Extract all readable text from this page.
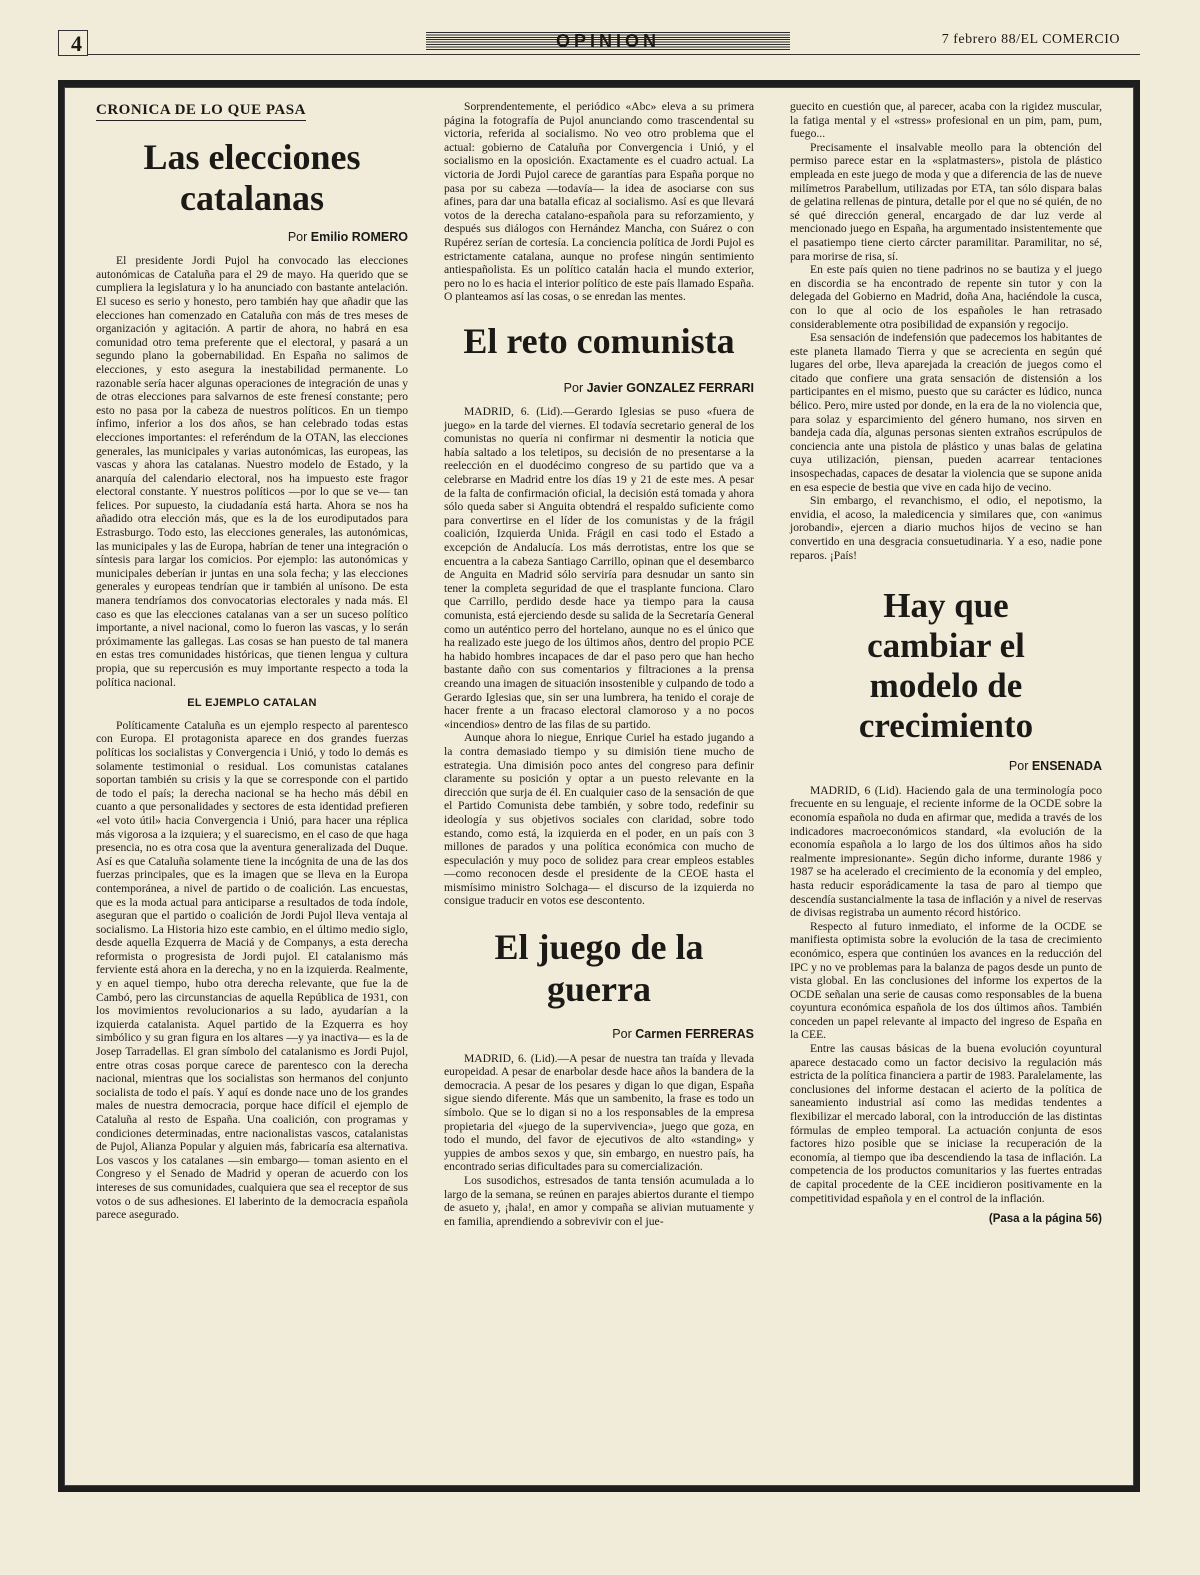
4	OPINION	7 febrero 88/EL COMERCIO
CRONICA DE LO QUE PASA
Las elecciones catalanas
Por Emilio ROMERO

El presidente Jordi Pujol ha convocado las elecciones autonómicas de Cataluña para el 29 de mayo. Ha querido que se cumpliera la legislatura y lo ha anunciado con bastante antelación. El suceso es serio y honesto, pero también hay que añadir que las elecciones han comenzado en Cataluña con más de tres meses de organización y agitación. A partir de ahora, no habrá en esa comunidad otro tema preferente que el electoral, y pasará a un segundo plano la gobernabilidad. En España no salimos de elecciones, y esto asegura la inestabilidad permanente. Lo razonable sería hacer algunas operaciones de integración de unas y de otras elecciones para salvarnos de este frenesí constante; pero esto no pasa por la cabeza de nuestros políticos. En un tiempo ínfimo, inferior a los dos años, se han celebrado todas estas elecciones importantes: el referéndum de la OTAN, las elecciones generales, las municipales y varias autonómicas, las europeas, las vascas y ahora las catalanas. Nuestro modelo de Estado, y la anarquía del calendario electoral, nos ha impuesto este fragor electoral constante. Y nuestros políticos —por lo que se ve— tan felices. Por supuesto, la ciudadanía está harta. Ahora se nos ha añadido otra elección más, que es la de los eurodiputados para Estrasburgo. Todo esto, las elecciones generales, las autonómicas, las municipales y las de Europa, habrían de tener una integración o síntesis para largar los comicios. Por ejemplo: las autonómicas y municipales deberían ir juntas en una sola fecha; y las elecciones generales y europeas tendrían que ir también al unísono. De esta manera tendríamos dos convocatorias electorales y nada más. El caso es que las elecciones catalanas van a ser un suceso político importante, a nivel nacional, como lo fueron las vascas, y lo serán próximamente las gallegas. Las cosas se han puesto de tal manera en estas tres comunidades históricas, que tienen lengua y cultura propia, que su repercusión es muy importante respecto a toda la política nacional.

EL EJEMPLO CATALAN

Políticamente Cataluña es un ejemplo respecto al parentesco con Europa. El protagonista aparece en dos grandes fuerzas políticas los socialistas y Convergencia i Unió, y todo lo demás es solamente testimonial o residual. Los comunistas catalanes soportan también su crisis y la que se corresponde con el partido de todo el país; la derecha nacional se ha hecho más débil en cuanto a que personalidades y sectores de esta identidad prefieren «el voto útil» hacia Convergencia i Unió, para hacer una réplica más vigorosa a la izquiera; y el suarecismo, en el caso de que haga presencia, no es otra cosa que la aventura generalizada del Duque. Así es que Cataluña solamente tiene la incógnita de una de las dos fuerzas principales, que es la imagen que se lleva en la Europa contemporánea, a nivel de partido o de coalición. Las encuestas, que es la moda actual para anticiparse a resultados de toda índole, aseguran que el partido o coalición de Jordi Pujol lleva ventaja al socialismo. La Historia hizo este cambio, en el último medio siglo, desde aquella Ezquerra de Maciá y de Companys, a esta derecha reformista o progresista de Jordi pujol. El catalanismo más ferviente está ahora en la derecha, y no en la izquierda. Realmente, y en aquel tiempo, hubo otra derecha relevante, que fue la de Cambó, pero las circunstancias de aquella República de 1931, con los movimientos revolucionarios a su lado, ayudarían a la izquierda catalanista. Aquel partido de la Ezquerra es hoy simbólico y su gran figura en los altares —y ya inactiva— es la de Josep Tarradellas. El gran símbolo del catalanismo es Jordi Pujol, entre otras cosas porque carece de parentesco con la derecha nacional, mientras que los socialistas son hermanos del conjunto socialista de todo el país. Y aquí es donde nace uno de los grandes males de nuestra democracia, porque hace difícil el ejemplo de Cataluña al resto de España. Una coalición, con programas y condiciones determinadas, entre nacionalistas vascos, catalanistas de Pujol, Alianza Popular y alguien más, fabricaría esa alternativa. Los vascos y los catalanes —sin embargo— toman asiento en el Congreso y el Senado de Madrid y operan de acuerdo con los intereses de sus comunidades, cualquiera que sea el receptor de sus votos o de sus adhesiones. El laberinto de la democracia española parece asegurado.

Sorprendentemente, el periódico «Abc» eleva a su primera página la fotografía de Pujol anunciando como trascendental su victoria, referida al socialismo. No veo otro problema que el actual: gobierno de Cataluña por Convergencia i Unió, y el socialismo en la oposición. Exactamente es el cuadro actual. La victoria de Jordi Pujol carece de garantías para España porque no pasa por su cabeza —todavía— la idea de asociarse con sus afines, para dar una batalla eficaz al socialismo. Así es que llevará votos de la derecha catalano-española para su reforzamiento, y después sus diálogos con Hernández Mancha, con Suárez o con Rupérez serían de cortesía. La conciencia política de Jordi Pujol es estrictamente catalana, aunque no profese ningún sentimiento antiespañolista. Es un político catalán hacia el mundo exterior, pero no lo es hacia el interior político de este país llamado España. O planteamos así las cosas, o se enredan las mentes.

El reto comunista
Por Javier GONZALEZ FERRARI

MADRID, 6. (Lid).—Gerardo Iglesias se puso «fuera de juego» en la tarde del viernes. El todavía secretario general de los comunistas no quería ni confirmar ni desmentir la noticia que había saltado a los teletipos, su decisión de no presentarse a la reelección en el duodécimo congreso de su partido que va a celebrarse en Madrid entre los días 19 y 21 de este mes. A pesar de la falta de confirmación oficial, la decisión está tomada y ahora sólo queda saber si Anguita obtendrá el respaldo suficiente como para convertirse en el líder de los comunistas y de la frágil coalición, Izquierda Unida. Frágil en casi todo el Estado a excepción de Andalucía. Los más derrotistas, entre los que se encuentra a la cabeza Santiago Carrillo, opinan que el desembarco de Anguita en Madrid sólo serviría para desnudar un santo sin tener la completa seguridad de que el trasplante funciona. Claro que Carrillo, perdido desde hace ya tiempo para la causa comunista, está ejerciendo desde su salida de la Secretaría General como un auténtico perro del hortelano, aunque no es el único que ha realizado este juego de los últimos años, dentro del propio PCE ha habido hombres incapaces de dar el paso pero que han hecho bastante daño con sus comentarios y filtraciones a la prensa creando una imagen de situación insostenible y culpando de todo a Gerardo Iglesias que, sin ser una lumbrera, ha tenido el coraje de hacer frente a un fracaso electoral clamoroso y a no pocos «incendios» dentro de las filas de su partido.

Aunque ahora lo niegue, Enrique Curiel ha estado jugando a la contra demasiado tiempo y su dimisión tiene mucho de estrategia. Una dimisión poco antes del congreso para definir claramente su posición y optar a un puesto relevante en la dirección que surja de él. En cualquier caso de la sensación de que el Partido Comunista debe también, y sobre todo, redefinir su ideología y sus objetivos sociales con claridad, sobre todo estando, como está, la izquierda en el poder, en un país con 3 millones de parados y una política económica con mucho de especulación y muy poco de solidez para crear empleos estables —como reconocen desde el presidente de la CEOE hasta el mismísimo ministro Solchaga— el discurso de la izquierda no consigue traducir en votos ese descontento.

El juego de la guerra
Por Carmen FERRERAS

MADRID, 6. (Lid).—A pesar de nuestra tan traída y llevada europeidad. A pesar de enarbolar desde hace años la bandera de la democracia. A pesar de los pesares y digan lo que digan, España sigue siendo diferente. Más que un sambenito, la frase es todo un símbolo. Que se lo digan si no a los responsables de la empresa propietaria del «juego de la supervivencia», juego que goza, en todo el mundo, del favor de ejecutivos de alto «standing» y yuppies de ambos sexos y que, sin embargo, en nuestro país, ha encontrado serias dificultades para su comercialización.

Los susodichos, estresados de tanta tensión acumulada a lo largo de la semana, se reúnen en parajes abiertos durante el tiempo de asueto y, ¡hala!, en amor y compaña se alivian mutuamente y en familia, aprendiendo a sobrevivir con el jue-

guecito en cuestión que, al parecer, acaba con la rigidez muscular, la fatiga mental y el «stress» profesional en un pim, pam, pum, fuego...

Precisamente el insalvable meollo para la obtención del permiso parece estar en la «splatmasters», pistola de plástico empleada en este juego de moda y que a diferencia de las de nueve milímetros Parabellum, utilizadas por ETA, tan sólo dispara balas de gelatina rellenas de pintura, detalle por el que no sé quién, de no sé qué dirección general, encargado de dar luz verde al mencionado juego en España, ha argumentado insistentemente que el pasatiempo tiene cierto cárcter paramilitar. Paramilitar, no sé, para morirse de risa, sí.

En este país quien no tiene padrinos no se bautiza y el juego en discordia se ha encontrado de repente sin tutor y con la delegada del Gobierno en Madrid, doña Ana, haciéndole la cusca, con lo que al ocio de los españoles le han retrasado considerablemente otra posibilidad de expansión y regocijo.

Esa sensación de indefensión que padecemos los habitantes de este planeta llamado Tierra y que se acrecienta en según qué lugares del orbe, lleva aparejada la creación de juegos como el citado que confiere una grata sensación de distensión a los participantes en el mismo, puesto que su carácter es lúdico, nunca bélico. Pero, mire usted por donde, en la era de la no violencia que, para solaz y esparcimiento del género humano, nos sirven en bandeja cada día, algunas personas sienten extraños escrúpulos de conciencia ante una pistola de plástico y unas balas de gelatina cuya utilización, piensan, pueden acarrear tentaciones insospechadas, capaces de desatar la violencia que se supone anida en esa especie de bestia que vive en cada hijo de vecino.

Sin embargo, el revanchismo, el odio, el nepotismo, la envidia, el acoso, la maledicencia y similares que, con «animus jorobandi», ejercen a diario muchos hijos de vecino se han convertido en una desgracia consuetudinaria. Y a eso, nadie pone reparos. ¡País!

Hay que cambiar el modelo de crecimiento
Por ENSENADA

MADRID, 6 (Lid). Haciendo gala de una terminología poco frecuente en su lenguaje, el reciente informe de la OCDE sobre la economía española no duda en afirmar que, medida a través de los indicadores macroeconómicos standard, «la evolución de la economía española a lo largo de los dos últimos años ha sido realmente impresionante». Según dicho informe, durante 1986 y 1987 se ha acelerado el crecimiento de la economía y del empleo, hasta reducir esporádicamente la tasa de paro al tiempo que descendía sustancialmente la tasa de inflación y a nivel de reservas de divisas registraba un aumento récord histórico.

Respecto al futuro inmediato, el informe de la OCDE se manifiesta optimista sobre la evolución de la tasa de crecimiento económico, espera que continúen los avances en la reducción del IPC y no ve problemas para la balanza de pagos desde un punto de vista global. En las conclusiones del informe los expertos de la OCDE señalan una serie de causas como responsables de la buena coyuntura económica española de los dos últimos años. También conceden un papel relevante al impacto del ingreso de España en la CEE.

Entre las causas básicas de la buena evolución coyuntural aparece destacado como un factor decisivo la regulación más estricta de la política financiera a partir de 1983. Paralelamente, las conclusiones del informe destacan el acierto de la política de saneamiento industrial así como las medidas tendentes a flexibilizar el mercado laboral, con la introducción de las distintas fórmulas de empleo temporal. La actuación conjunta de esos factores hizo posible que se iniciase la recuperación de la economía, al tiempo que iba descendiendo la tasa de inflación. La competencia de los productos comunitarios y las fuertes entradas de capital procedente de la CEE incidieron positivamente en la competitividad española y en el control de la inflación.

(Pasa a la página 56)
